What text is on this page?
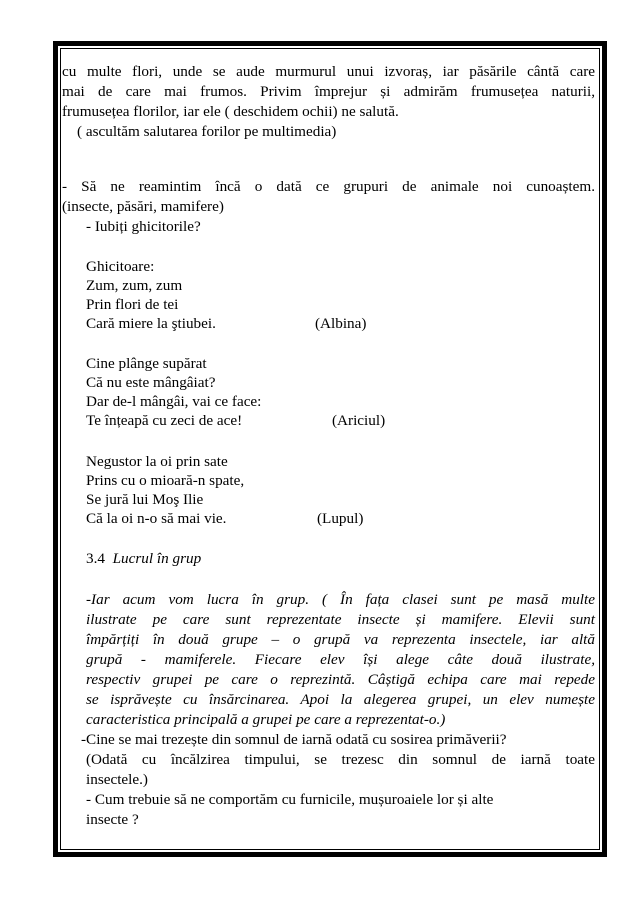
cu multe flori, unde se aude murmurul unui izvoraș, iar păsările cântă care
mai de care mai frumos. Privim împrejur și admirăm frumusețea naturii,
frumusețea florilor, iar ele ( deschidem ochii) ne salută.
( ascultăm salutarea forilor pe multimedia)
- Să ne reamintim încă o dată ce grupuri de animale noi cunoaștem.
(insecte, păsări, mamifere)
- Iubiți ghicitorile?
Ghicitoare:
Zum, zum, zum
Prin flori de tei
Cară miere la ştiubei.	(Albina)
Cine plânge supărat
Că nu este mângâiat?
Dar de-l mângâi, vai ce face:
Te înțeapă cu zeci de ace!	(Ariciul)
Negustor la oi prin sate
Prins cu o mioară-n spate,
Se jură lui Moş Ilie
Că la oi n-o să mai vie.	(Lupul)
3.4 Lucrul în grup
-Iar acum vom lucra în grup. ( În fața clasei sunt pe masă multe
ilustrate pe care sunt reprezentate insecte și mamifere. Elevii sunt
împărțiți în două grupe – o grupă va reprezenta insectele, iar altă
grupă - mamiferele. Fiecare elev își alege câte două ilustrate,
respectiv grupei pe care o reprezintă. Câștigă echipa care mai repede
se isprăvește cu însărcinarea. Apoi la alegerea grupei, un elev numește
caracteristica principală a grupei pe care a reprezentat-o.)
-Cine se mai trezește din somnul de iarnă odată cu sosirea primăverii?
(Odată cu încălzirea timpului, se trezesc din somnul de iarnă toate
insectele.)
- Cum trebuie să ne comportăm cu furnicile, mușuroaiele lor și alte
insecte ?
